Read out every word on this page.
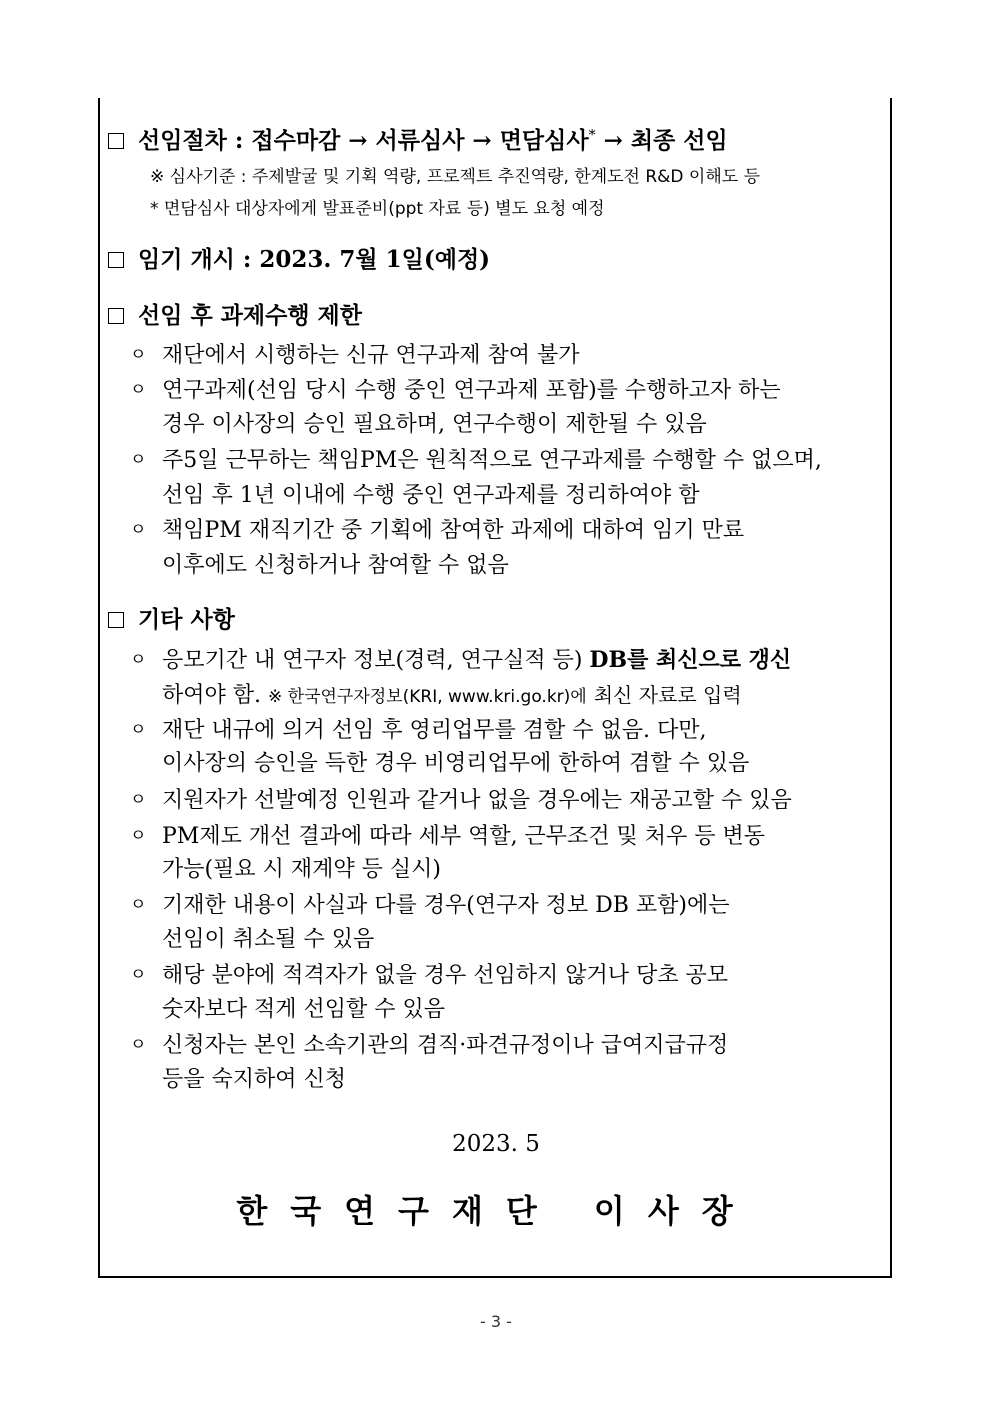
선임절차 : 접수마감 → 서류심사 → 면담심사* → 최종 선임
※ 심사기준 : 주제발굴 및 기획 역량, 프로젝트 추진역량, 한계도전 R&D 이해도 등
* 면담심사 대상자에게 발표준비(ppt 자료 등) 별도 요청 예정
임기 개시 : 2023. 7월 1일(예정)
선임 후 과제수행 제한
ㅇ 재단에서 시행하는 신규 연구과제 참여 불가
ㅇ 연구과제(선임 당시 수행 중인 연구과제 포함)를 수행하고자 하는
경우 이사장의 승인 필요하며, 연구수행이 제한될 수 있음
ㅇ 주5일 근무하는 책임PM은 원칙적으로 연구과제를 수행할 수 없으며,
선임 후 1년 이내에 수행 중인 연구과제를 정리하여야 함
ㅇ 책임PM 재직기간 중 기획에 참여한 과제에 대하여 임기 만료
이후에도 신청하거나 참여할 수 없음
기타 사항
ㅇ 응모기간 내 연구자 정보(경력, 연구실적 등) DB를 최신으로 갱신
하여야 함. ※ 한국연구자정보(KRI, www.kri.go.kr)에 최신 자료로 입력
ㅇ 재단 내규에 의거 선임 후 영리업무를 겸할 수 없음. 다만,
이사장의 승인을 득한 경우 비영리업무에 한하여 겸할 수 있음
ㅇ 지원자가 선발예정 인원과 같거나 없을 경우에는 재공고할 수 있음
ㅇ PM제도 개선 결과에 따라 세부 역할, 근무조건 및 처우 등 변동
가능(필요 시 재계약 등 실시)
ㅇ 기재한 내용이 사실과 다를 경우(연구자 정보 DB 포함)에는
선임이 취소될 수 있음
ㅇ 해당 분야에 적격자가 없을 경우 선임하지 않거나 당초 공모
숫자보다 적게 선임할 수 있음
ㅇ 신청자는 본인 소속기관의 겸직·파견규정이나 급여지급규정
등을 숙지하여 신청
2023. 5
한국연구재단 이사장
- 3 -
